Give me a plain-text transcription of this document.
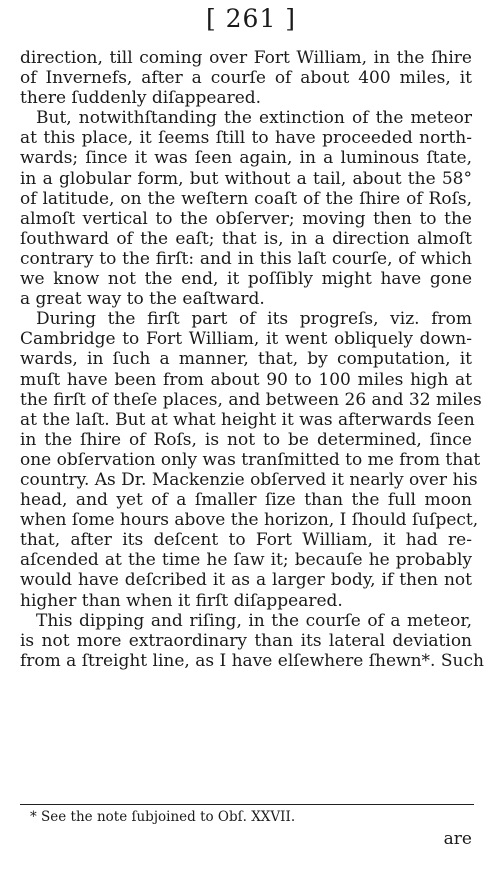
[ 261 ]
direction, till coming over Fort William, in the ſhire
of Invernefs, after a courſe of about 400 miles, it
there ſuddenly diſappeared.
But, notwithſtanding the extinction of the meteor
at this place, it ſeems ſtill to have proceeded north-
wards; ſince it was ſeen again, in a luminous ſtate,
in a globular form, but without a tail, about the 58°
of latitude, on the weſtern coaſt of the ſhire of Roſs,
almoſt vertical to the obſerver; moving then to the
ſouthward of the eaſt; that is, in a direction almoſt
contrary to the firſt: and in this laſt courſe, of which
we know not the end, it poſſibly might have gone
a great way to the eaſtward.
During the firſt part of its progreſs, viz. from
Cambridge to Fort William, it went obliquely down-
wards, in ſuch a manner, that, by computation, it
muſt have been from about 90 to 100 miles high at
the firſt of theſe places, and between 26 and 32 miles
at the laſt. But at what height it was afterwards ſeen
in the ſhire of Roſs, is not to be determined, ſince
one obſervation only was tranſmitted to me from that
country. As Dr. Mackenzie obſerved it nearly over his
head, and yet of a ſmaller ſize than the full moon
when ſome hours above the horizon, I ſhould ſuſpect,
that, after its deſcent to Fort William, it had re-
aſcended at the time he ſaw it; becauſe he probably
would have deſcribed it as a larger body, if then not
higher than when it firſt diſappeared.
This dipping and riſing, in the courſe of a meteor,
is not more extraordinary than its lateral deviation
from a ſtreight line, as I have elſewhere ſhewn*. Such
* See the note ſubjoined to Obſ. XXVII.
are
